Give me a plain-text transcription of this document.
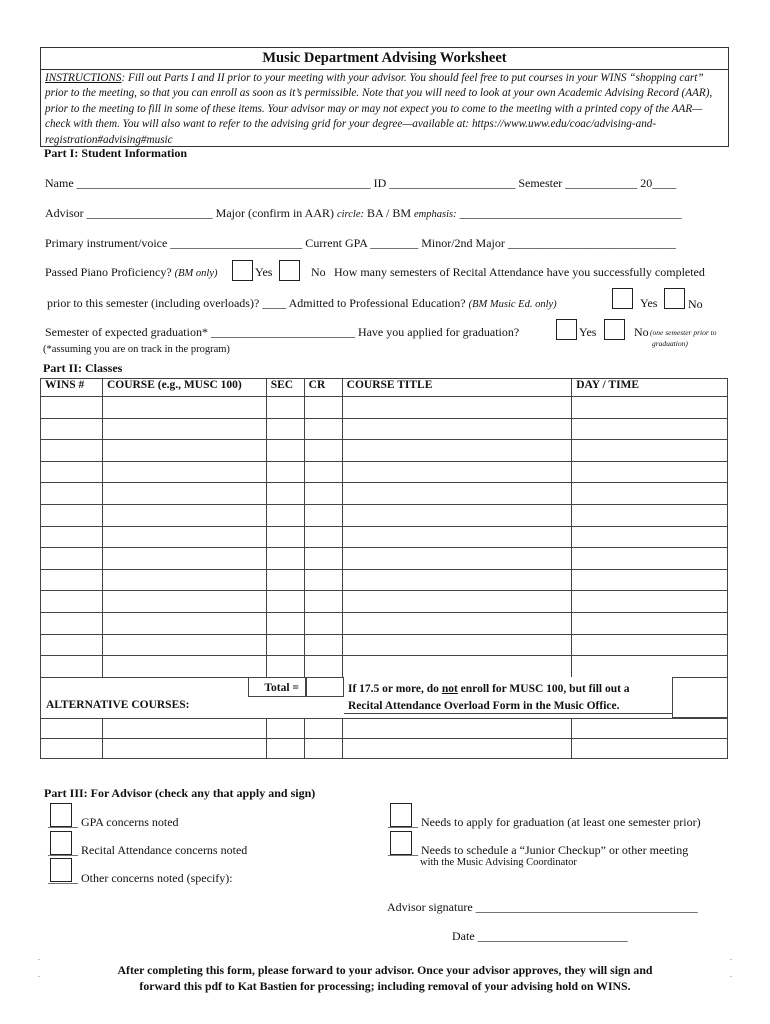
Music Department Advising Worksheet
INSTRUCTIONS: Fill out Parts I and II prior to your meeting with your advisor. You should feel free to put courses in your WINS “shopping cart” prior to the meeting, so that you can enroll as soon as it’s permissible. Note that you will need to look at your own Academic Advising Record (AAR), prior to the meeting to fill in some of these items. Your advisor may or may not expect you to come to the meeting with a printed copy of the AAR—check with them. You will also want to refer to the advising grid for your degree—available at: https://www.uww.edu/coac/advising-and-registration#advising#music
Part I: Student Information
Name _________________________________________________ ID _____________________ Semester ____________ 20____
Advisor _____________________ Major (confirm in AAR) circle: BA / BM emphasis: _____________________________________
Primary instrument/voice ______________________ Current GPA ________ Minor/2nd Major ____________________________
Passed Piano Proficiency? (BM only)	Yes	No How many semesters of Recital Attendance have you successfully completed
prior to this semester (including overloads)? ____ Admitted to Professional Education? (BM Music Ed. only)	Yes	No
Semester of expected graduation* ________________________ Have you applied for graduation?	Yes	No (one semester prior to
graduation)
(*assuming you are on track in the program)
Part II: Classes
WINS #	COURSE (e.g., MUSC 100)	SEC	CR	COURSE TITLE	DAY / TIME

Total =	If 17.5 or more, do not enroll for MUSC 100, but fill out a
Recital Attendance Overload Form in the Music Office.
ALTERNATIVE COURSES:

Part III: For Advisor (check any that apply and sign)
_____ GPA concerns noted
_____ Recital Attendance concerns noted
_____ Other concerns noted (specify):
_____ Needs to apply for graduation (at least one semester prior)
_____ Needs to schedule a “Junior Checkup” or other meeting
with the Music Advising Coordinator
Advisor signature _____________________________________
Date _________________________
.	.
.	.
After completing this form, please forward to your advisor. Once your advisor approves, they will sign and
forward this pdf to Kat Bastien for processing; including removal of your advising hold on WINS.
